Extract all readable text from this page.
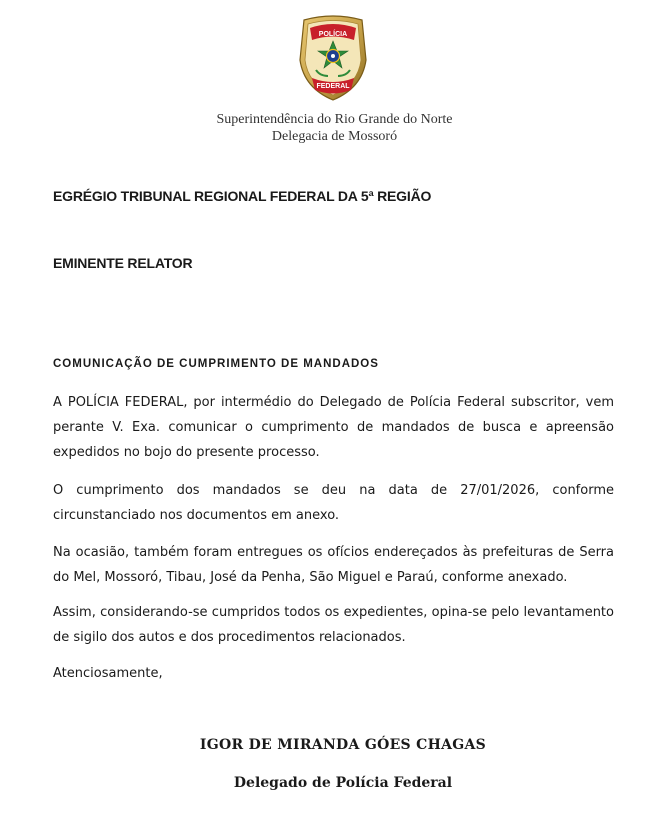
POLÍCIA
FEDERAL
Superintendência do Rio Grande do Norte
Delegacia de Mossoró
EGRÉGIO TRIBUNAL REGIONAL FEDERAL DA 5ª REGIÃO
EMINENTE RELATOR
COMUNICAÇÃO DE CUMPRIMENTO DE MANDADOS
A POLÍCIA FEDERAL, por intermédio do Delegado de Polícia Federal subscritor, vem perante V. Exa. comunicar o cumprimento de mandados de busca e apreensão expedidos no bojo do presente processo.
O cumprimento dos mandados se deu na data de 27/01/2026, conforme circunstanciado nos documentos em anexo.
Na ocasião, também foram entregues os ofícios endereçados às prefeituras de Serra do Mel, Mossoró, Tibau, José da Penha, São Miguel e Paraú, conforme anexado.
Assim, considerando-se cumpridos todos os expedientes, opina-se pelo levantamento de sigilo dos autos e dos procedimentos relacionados.
Atenciosamente,
IGOR DE MIRANDA GÓES CHAGAS
Delegado de Polícia Federal
